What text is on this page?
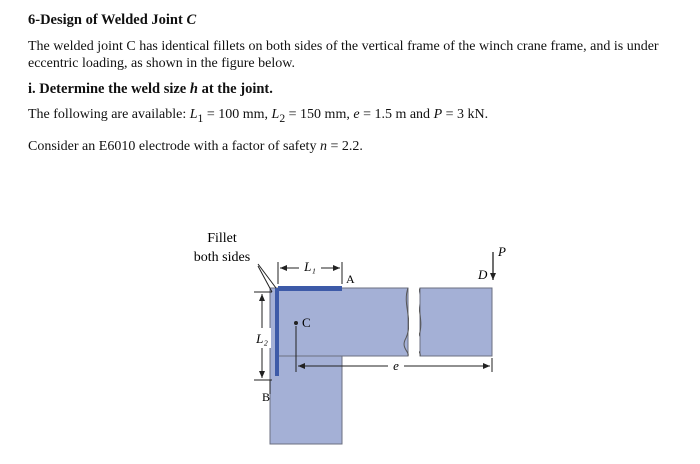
6-Design of Welded Joint C

The welded joint C has identical fillets on both sides of the vertical frame of the winch crane frame, and is under eccentric loading, as shown in the figure below.

i. Determine the weld size h at the joint.

The following are available: $L_1 = 100$ mm, $L_2 = 150$ mm, e = 1.5 m and P = 3 kN.

Consider an E6010 electrode with a factor of safety n = 2.2.

Fillet
both sides
L₁
A
L₂
B
C
e
P
D
